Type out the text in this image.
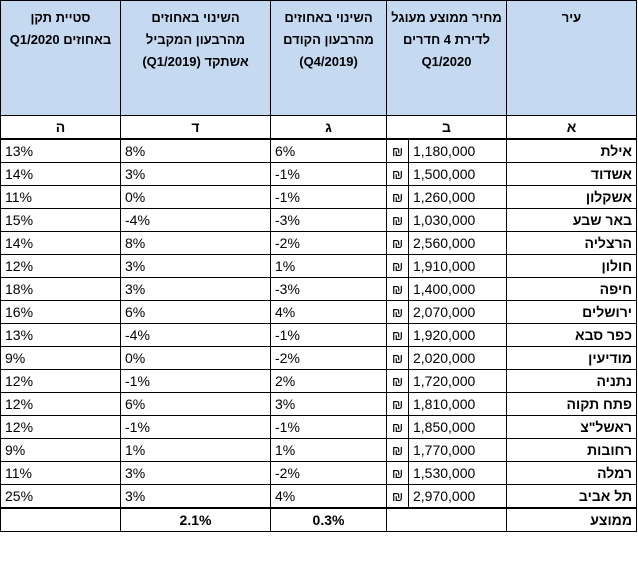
עיר	מחיר ממוצע מעוגל לדירת 4 חדרים Q1/2020		השינוי באחוזים מהרבעון הקודם (Q4/2019)	השינוי באחוזים מהרבעון המקביל אשתקד (Q1/2019)	סטיית תקן באחוזים Q1/2020
א	ב		ג	ד	ה
אילת	1,180,000	₪	6%	8%	13%
אשדוד	1,500,000	₪	-1%	3%	14%
אשקלון	1,260,000	₪	-1%	0%	11%
באר שבע	1,030,000	₪	-3%	-4%	15%
הרצליה	2,560,000	₪	-2%	8%	14%
חולון	1,910,000	₪	1%	3%	12%
חיפה	1,400,000	₪	-3%	3%	18%
ירושלים	2,070,000	₪	4%	6%	16%
כפר סבא	1,920,000	₪	-1%	-4%	13%
מודיעין	2,020,000	₪	-2%	0%	9%
נתניה	1,720,000	₪	2%	-1%	12%
פתח תקוה	1,810,000	₪	3%	6%	12%
ראשל"צ	1,850,000	₪	-1%	-1%	12%
רחובות	1,770,000	₪	1%	1%	9%
רמלה	1,530,000	₪	-2%	3%	11%
תל אביב	2,970,000	₪	4%	3%	25%
ממוצע			0.3%	2.1%	
